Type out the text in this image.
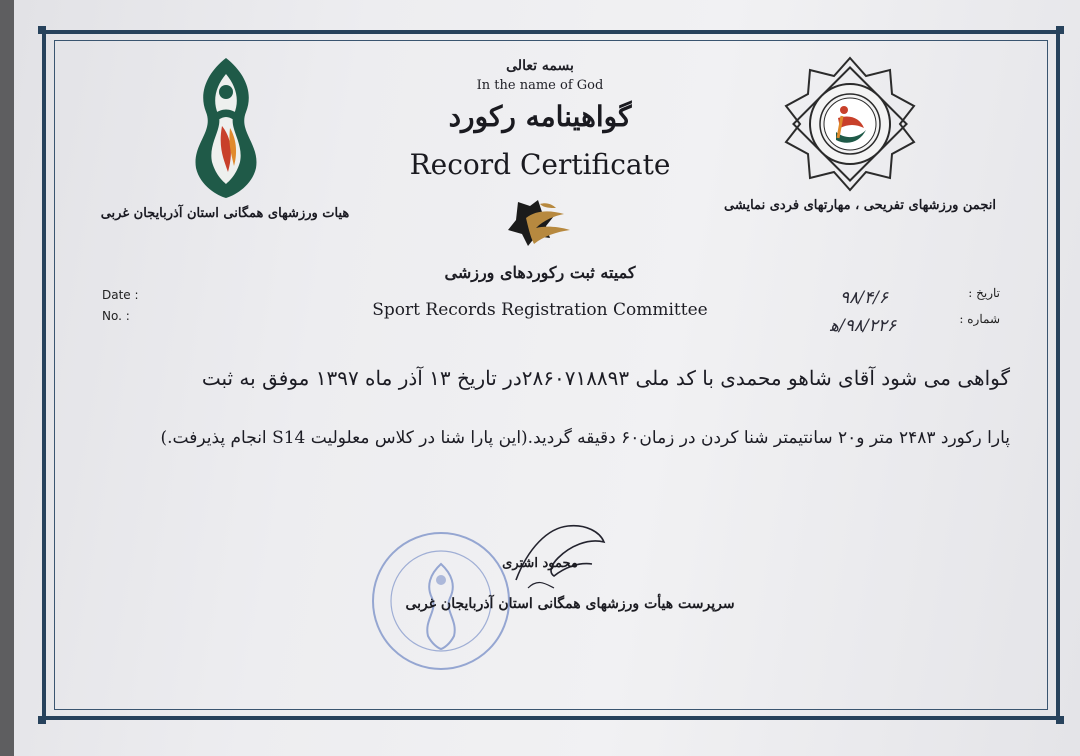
بسمه تعالی
In the name of God
گواهینامه رکورد
Record Certificate
هیات ورزشهای همگانی استان آذربایجان غربی
انجمن ورزشهای تفریحی ، مهارتهای فردی نمایشی
کمیته ثبت رکوردهای ورزشی
Sport Records Registration Committee
Date :
No. :
تاریخ :
شماره :
۹۸/۴/۶
۹۸/۲۲۶/ﻫ
گواهی می شود آقای شاهو محمدی با کد ملی ۲۸۶۰۷۱۸۸۹۳در تاریخ ۱۳ آذر ماه ۱۳۹۷ موفق به ثبت
پارا رکورد ۲۴۸۳ متر و۲۰ سانتیمتر شنا کردن در زمان۶۰ دقیقه گردید.(این پارا شنا در کلاس معلولیت S14 انجام پذیرفت.)
محمود اشتری
سرپرست هیأت ورزشهای همگانی استان آذربایجان غربی
